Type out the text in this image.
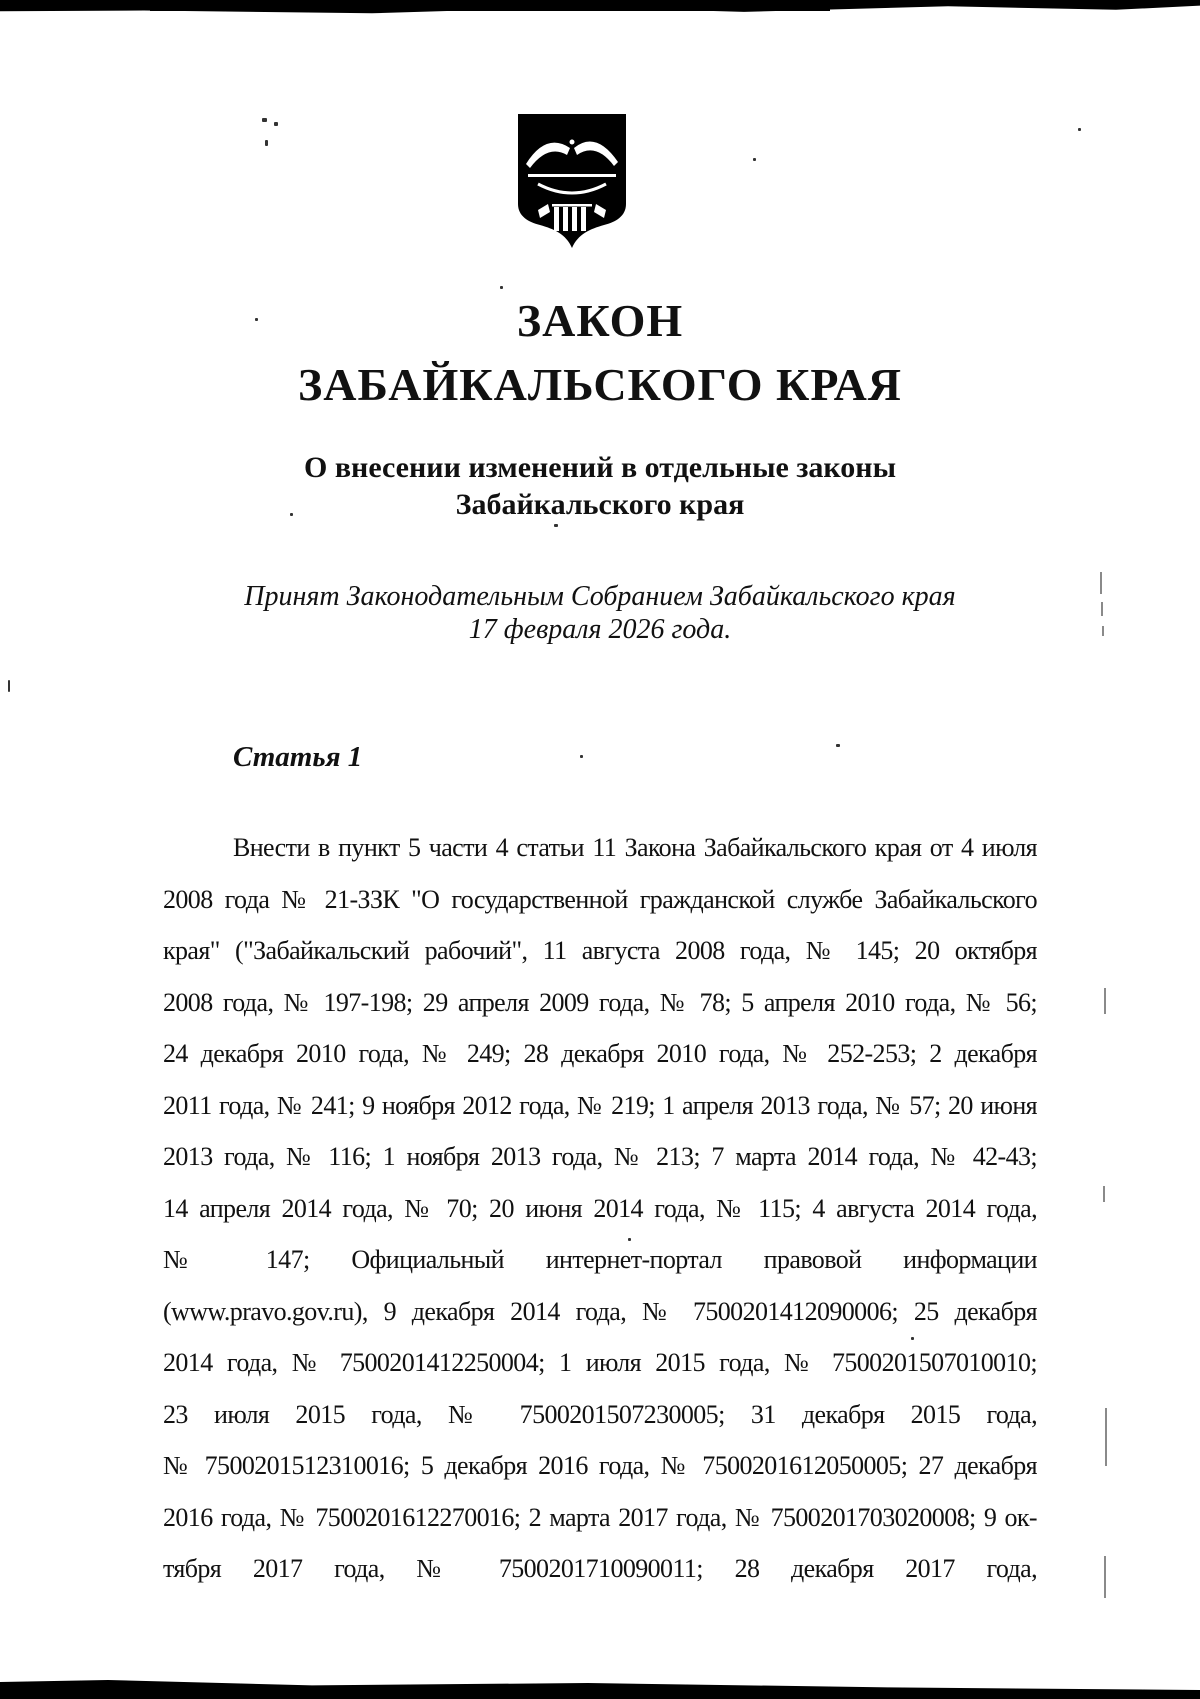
ЗАКОН
ЗАБАЙКАЛЬСКОГО КРАЯ
О внесении изменений в отдельные законы
Забайкальского края
Принят Законодательным Собранием Забайкальского края
17 февраля 2026 года.
Статья 1
Внести в пункт 5 части 4 статьи 11 Закона Забайкальского края от 4 июля
2008 года № 21-ЗЗК "О государственной гражданской службе Забайкальского
края" ("Забайкальский рабочий", 11 августа 2008 года, № 145; 20 октября
2008 года, № 197-198; 29 апреля 2009 года, № 78; 5 апреля 2010 года, № 56;
24 декабря 2010 года, № 249; 28 декабря 2010 года, № 252-253; 2 декабря
2011 года, № 241; 9 ноября 2012 года, № 219; 1 апреля 2013 года, № 57; 20 июня
2013 года, № 116; 1 ноября 2013 года, № 213; 7 марта 2014 года, № 42-43;
14 апреля 2014 года, № 70; 20 июня 2014 года, № 115; 4 августа 2014 года,
№ 147; Официальный интернет-портал правовой информации
(www.pravo.gov.ru), 9 декабря 2014 года, № 7500201412090006; 25 декабря
2014 года, № 7500201412250004; 1 июля 2015 года, № 7500201507010010;
23 июля 2015 года, № 7500201507230005; 31 декабря 2015 года,
№ 7500201512310016; 5 декабря 2016 года, № 7500201612050005; 27 декабря
2016 года, № 7500201612270016; 2 марта 2017 года, № 7500201703020008; 9 ок-
тября 2017 года, № 7500201710090011; 28 декабря 2017 года,
